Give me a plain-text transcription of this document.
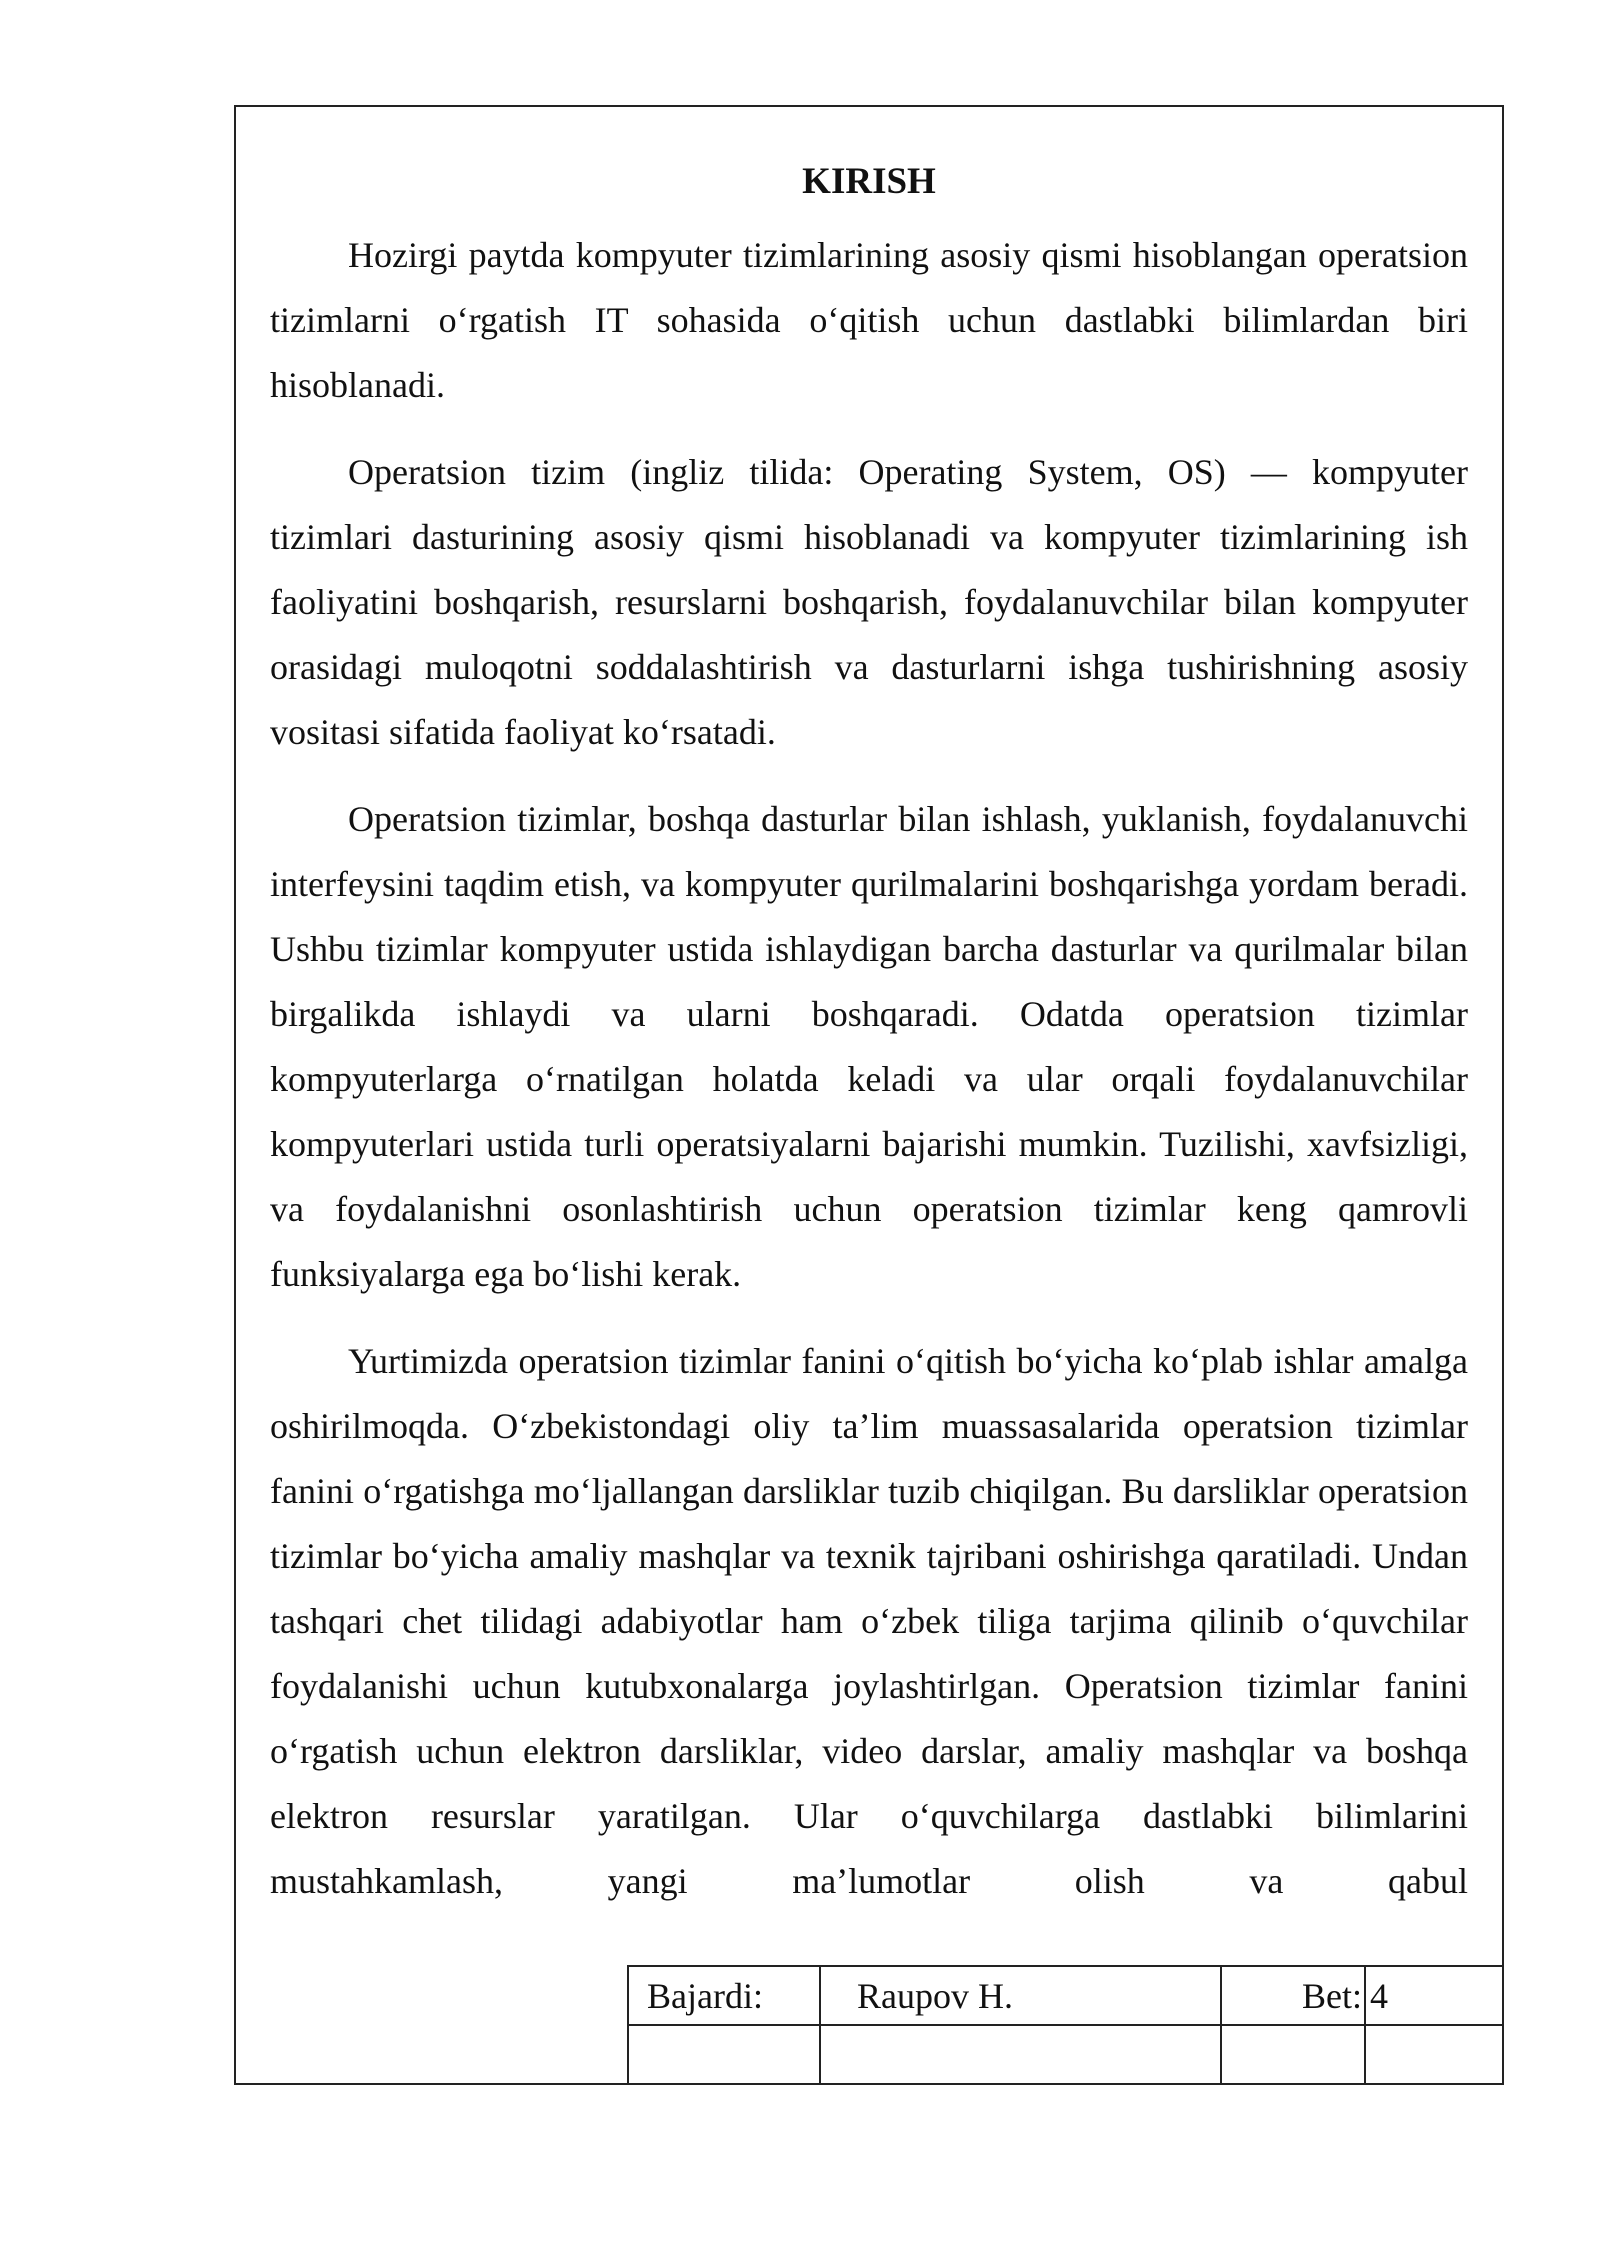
KIRISH

Hozirgi paytda kompyuter tizimlarining asosiy qismi hisoblangan operatsion tizimlarni o‘rgatish IT sohasida o‘qitish uchun dastlabki bilimlardan biri hisoblanadi.

Operatsion tizim (ingliz tilida: Operating System, OS) — kompyuter tizimlari dasturining asosiy qismi hisoblanadi va kompyuter tizimlarining ish faoliyatini boshqarish, resurslarni boshqarish, foydalanuvchilar bilan kompyuter orasidagi muloqotni soddalashtirish va dasturlarni ishga tushirishning asosiy vositasi sifatida faoliyat ko‘rsatadi.

Operatsion tizimlar, boshqa dasturlar bilan ishlash, yuklanish, foydalanuvchi interfeysini taqdim etish, va kompyuter qurilmalarini boshqarishga yordam beradi. Ushbu tizimlar kompyuter ustida ishlaydigan barcha dasturlar va qurilmalar bilan birgalikda ishlaydi va ularni boshqaradi. Odatda operatsion tizimlar kompyuterlarga o‘rnatilgan holatda keladi va ular orqali foydalanuvchilar kompyuterlari ustida turli operatsiyalarni bajarishi mumkin. Tuzilishi, xavfsizligi, va foydalanishni osonlashtirish uchun operatsion tizimlar keng qamrovli funksiyalarga ega bo‘lishi kerak.

Yurtimizda operatsion tizimlar fanini o‘qitish bo‘yicha ko‘plab ishlar amalga oshirilmoqda. O‘zbekistondagi oliy ta’lim muassasalarida operatsion tizimlar fanini o‘rgatishga mo‘ljallangan darsliklar tuzib chiqilgan. Bu darsliklar operatsion tizimlar bo‘yicha amaliy mashqlar va texnik tajribani oshirishga qaratiladi. Undan tashqari chet tilidagi adabiyotlar ham o‘zbek tiliga tarjima qilinib o‘quvchilar foydalanishi uchun kutubxonalarga joylashtirlgan. Operatsion tizimlar fanini o‘rgatish uchun elektron darsliklar, video darslar, amaliy mashqlar va boshqa elektron resurslar yaratilgan. Ular o‘quvchilarga dastlabki bilimlarini mustahkamlash, yangi ma’lumotlar olish va qabul

Bajardi:	Raupov H.	Bet:	4
